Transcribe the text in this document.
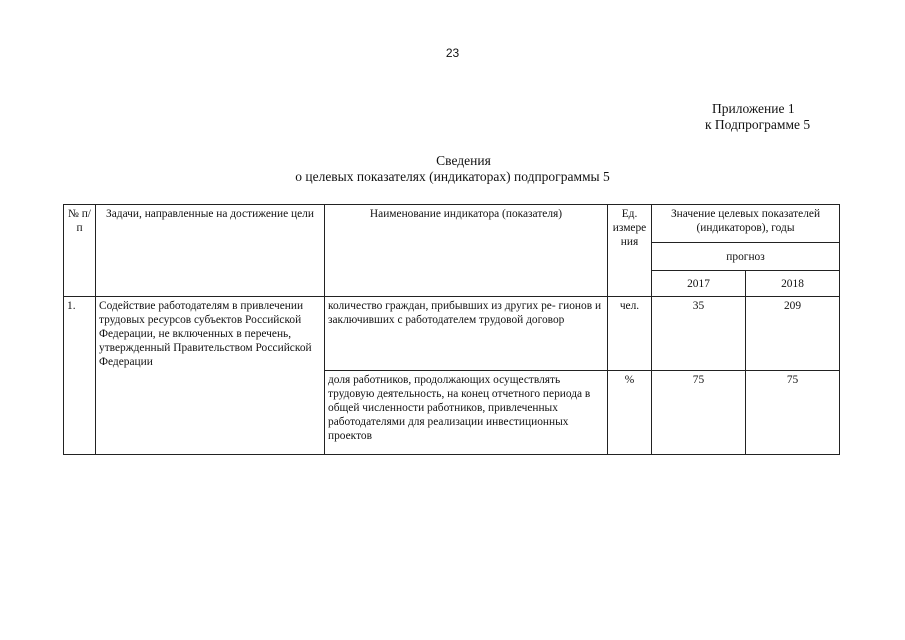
23
Приложение 1
к Подпрограмме 5
Сведения
о целевых показателях (индикаторах) подпрограммы 5
№ п/п	Задачи, направленные на достижение цели	Наименование индикатора (показателя)	Ед. измере ния	Значение целевых показателей (индикаторов), годы	
				прогноз	
				2017	2018
1.	Содействие работодателям в привлечении трудовых ресурсов субъектов Российской Федерации, не включенных в перечень, утвержденный Правительством Российской Федерации	количество граждан, прибывших из других ре- гионов и заключивших с работодателем трудовой договор	чел.	35	209
		доля работников, продолжающих осуществлять трудовую деятельность, на конец отчетного периода в общей численности работников, привлеченных работодателями для реализации инвестиционных проектов	%	75	75
